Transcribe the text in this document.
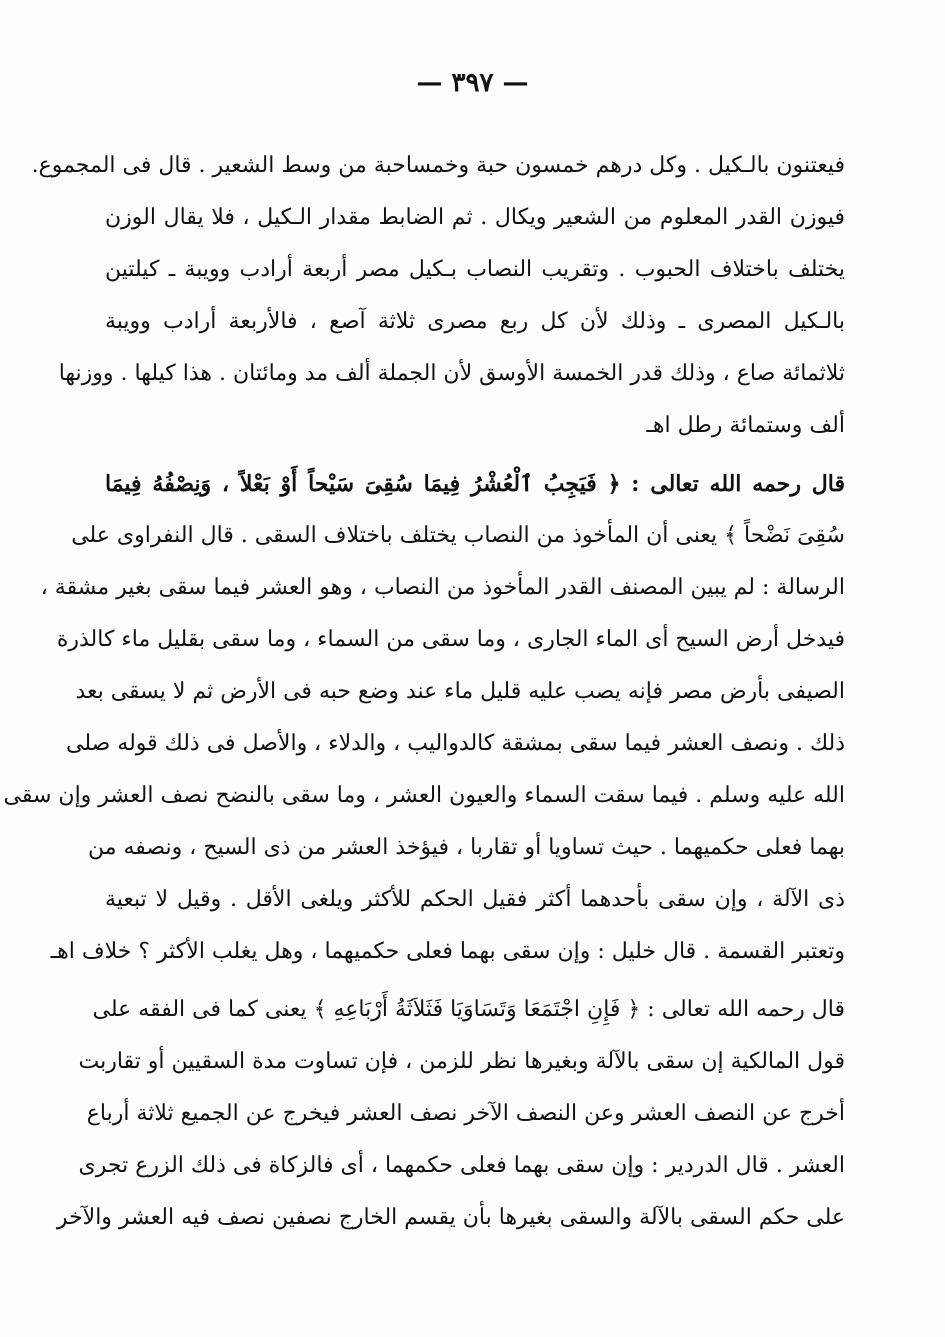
— ٣٩٧ —
فيعتنون بالـكيل . وكل درهم خمسون حبة وخمساحبة من وسط الشعير . قال فى المجموع.
فيوزن القدر المعلوم من الشعير ويكال . ثم الضابط مقدار الـكيل ، فلا يقال الوزن
يختلف باختلاف الحبوب . وتقريب النصاب بـكيل مصر أربعة أرادب وويبة ـ كيلتين
بالـكيل المصرى ـ وذلك لأن كل ربع مصرى ثلاثة آصع ، فالأربعة أرادب وويبة
ثلاثمائة صاع ، وذلك قدر الخمسة الأوسق لأن الجملة ألف مد ومائتان . هذا كيلها . ووزنها
ألف وستمائة رطل اهـ
قال رحمه الله تعالى : ﴿ فَيَجِبُ ٱلْعُشْرُ فِيمَا سُقِىَ سَيْحاً أَوْ بَعْلاً ، وَنِصْفُهُ فِيمَا
سُقِىَ نَضْحاً ﴾ يعنى أن المأخوذ من النصاب يختلف باختلاف السقى . قال النفراوى على
الرسالة : لم يبين المصنف القدر المأخوذ من النصاب ، وهو العشر فيما سقى بغير مشقة ،
فيدخل أرض السيح أى الماء الجارى ، وما سقى من السماء ، وما سقى بقليل ماء كالذرة
الصيفى بأرض مصر فإنه يصب عليه قليل ماء عند وضع حبه فى الأرض ثم لا يسقى بعد
ذلك . ونصف العشر فيما سقى بمشقة كالدواليب ، والدلاء ، والأصل فى ذلك قوله صلى
الله عليه وسلم . فيما سقت السماء والعيون العشر ، وما سقى بالنضح نصف العشر وإن سقى
بهما فعلى حكميهما . حيث تساويا أو تقاربا ، فيؤخذ العشر من ذى السيح ، ونصفه من
ذى الآلة ، وإن سقى بأحدهما أكثر فقيل الحكم للأكثر ويلغى الأقل . وقيل لا تبعية
وتعتبر القسمة . قال خليل : وإن سقى بهما فعلى حكميهما ، وهل يغلب الأكثر ؟ خلاف اهـ
قال رحمه الله تعالى : ﴿ فَإِنِ اجْتَمَعَا وَتَسَاوَيَا فَثَلاَثَةُ أَرْبَاعِهِ ﴾ يعنى كما فى الفقه على
قول المالكية إن سقى بالآلة وبغيرها نظر للزمن ، فإن تساوت مدة السقيين أو تقاربت
أخرج عن النصف العشر وعن النصف الآخر نصف العشر فيخرج عن الجميع ثلاثة أرباع
العشر . قال الدردير : وإن سقى بهما فعلى حكمهما ، أى فالزكاة فى ذلك الزرع تجرى
على حكم السقى بالآلة والسقى بغيرها بأن يقسم الخارج نصفين نصف فيه العشر والآخر
